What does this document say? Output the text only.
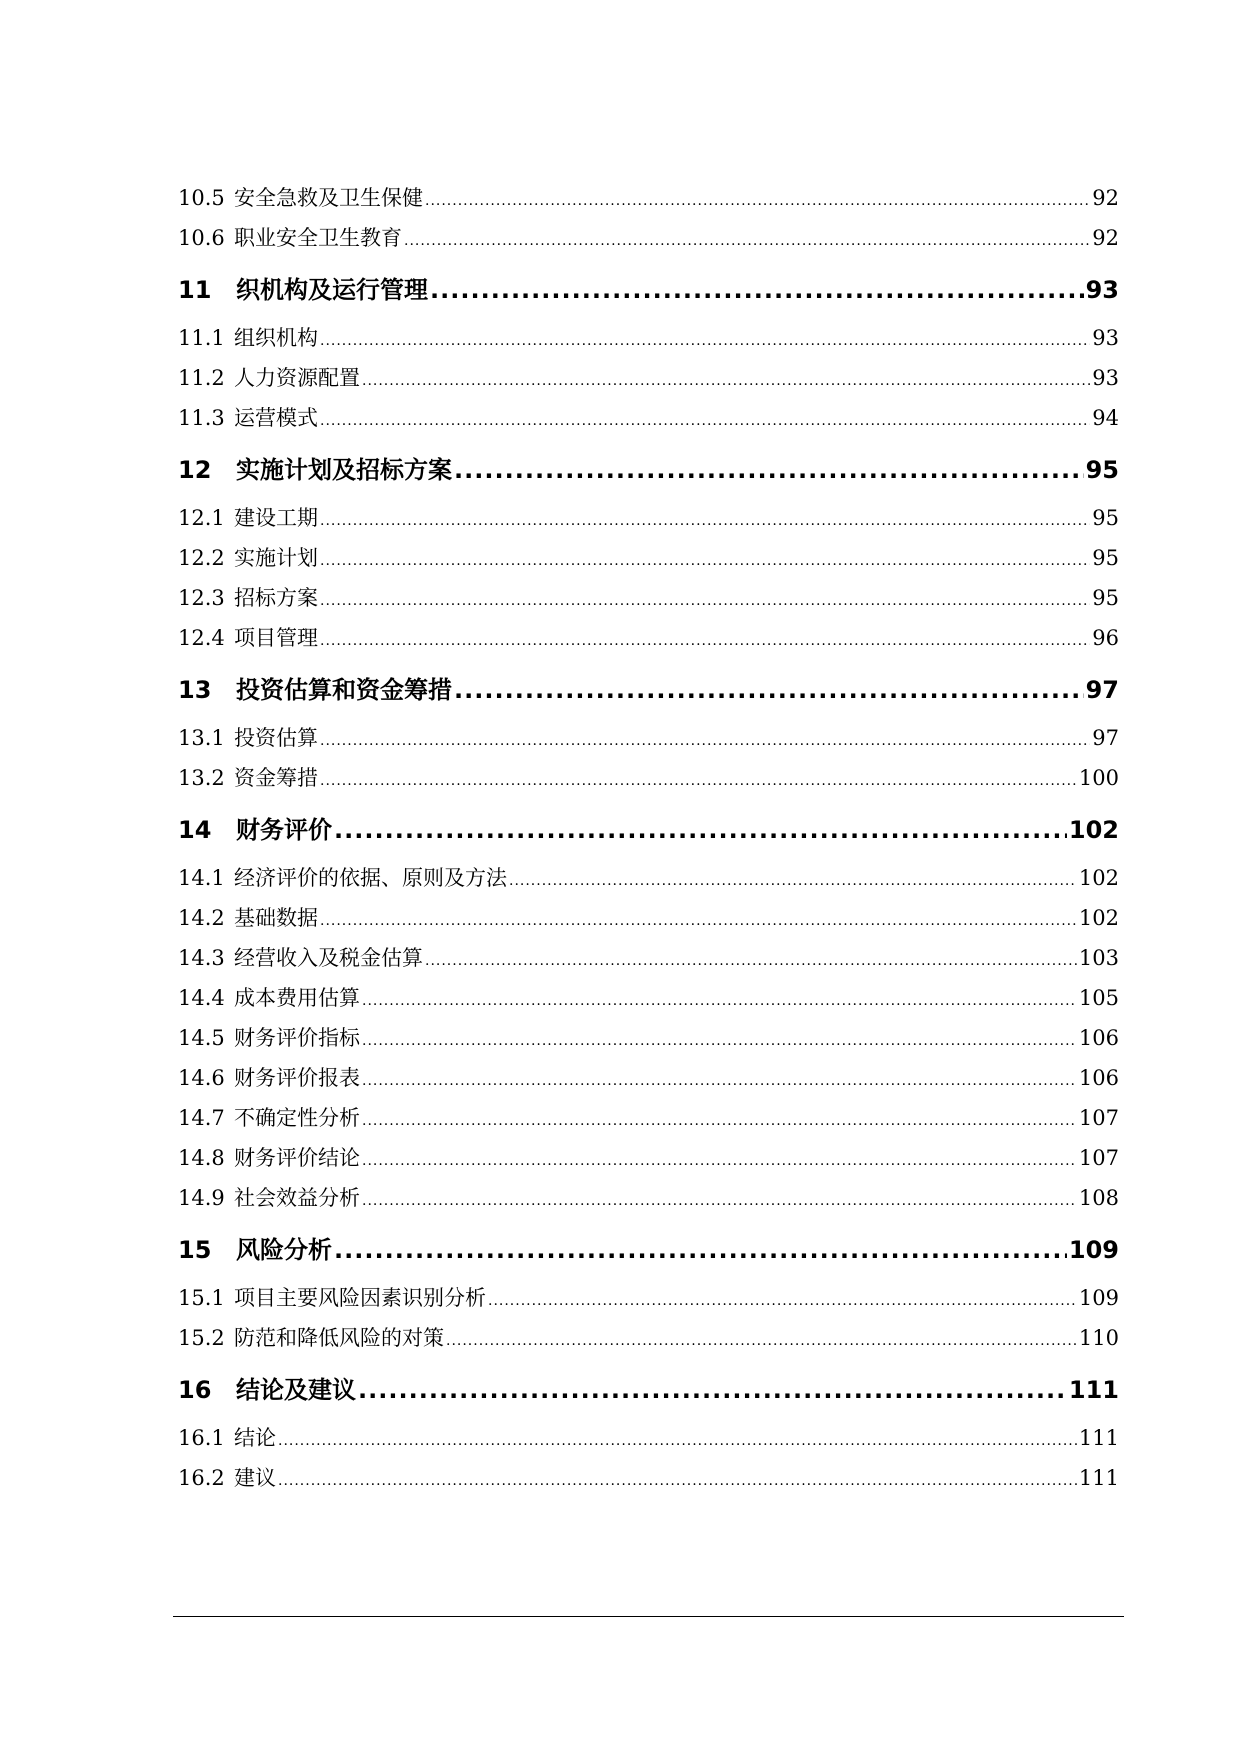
10.5 安全急救及卫生保健 .....	92
10.6 职业安全卫生教育 .....	92
11	织机构及运行管理 .....	93
11.1 组织机构 .....	93
11.2 人力资源配置 .....	93
11.3 运营模式 .....	94
12	实施计划及招标方案 .....	95
12.1 建设工期 .....	95
12.2 实施计划 .....	95
12.3 招标方案 .....	95
12.4 项目管理 .....	96
13	投资估算和资金筹措 .....	97
13.1 投资估算 .....	97
13.2 资金筹措 .....	100
14	财务评价 .....	102
14.1 经济评价的依据、原则及方法 .....	102
14.2 基础数据 .....	102
14.3 经营收入及税金估算 .....	103
14.4 成本费用估算 .....	105
14.5 财务评价指标 .....	106
14.6 财务评价报表 .....	106
14.7 不确定性分析 .....	107
14.8 财务评价结论 .....	107
14.9 社会效益分析 .....	108
15	风险分析 .....	109
15.1 项目主要风险因素识别分析 .....	109
15.2 防范和降低风险的对策 .....	110
16	结论及建议 .....	111
16.1 结论 .....	111
16.2 建议 .....	111
